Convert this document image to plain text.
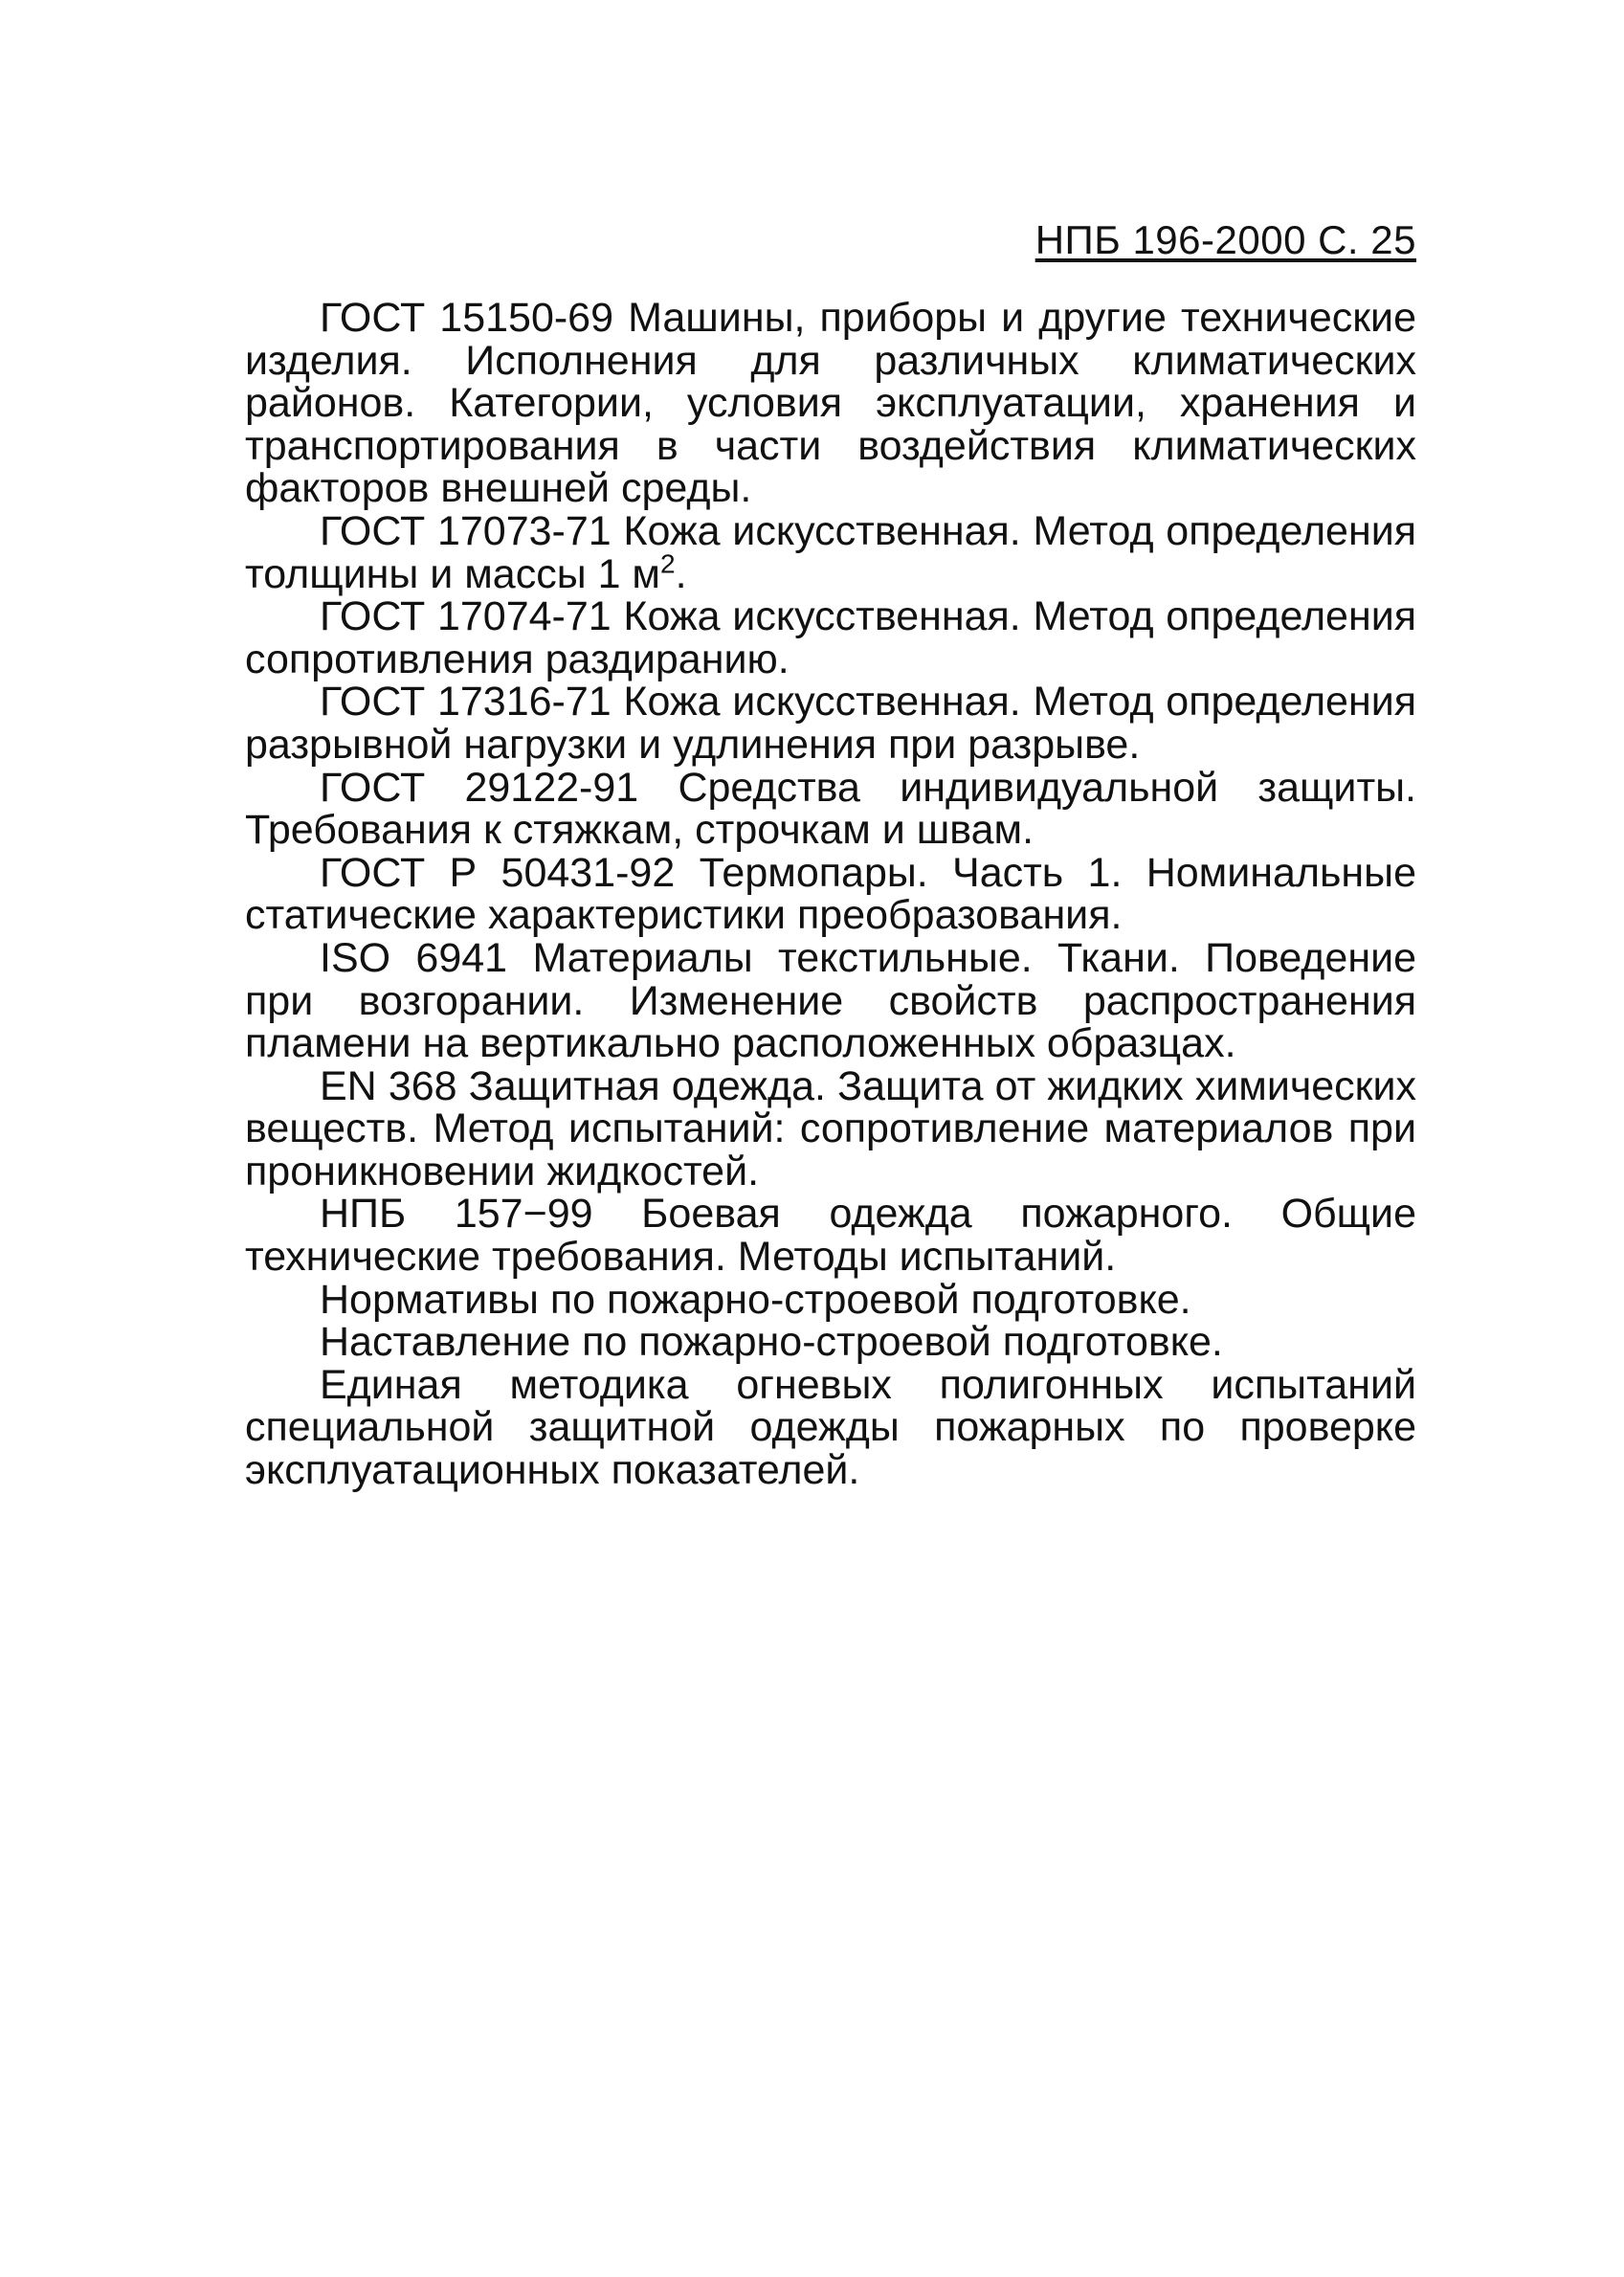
НПБ 196-2000 С. 25

ГОСТ 15150-69 Машины, приборы и другие технические изделия. Исполнения для различных климатических районов. Категории, условия эксплуатации, хранения и транспортирования в части воздействия климатических факторов внешней среды.

ГОСТ 17073-71 Кожа искусственная. Метод определения толщины и массы 1 $м^2$.

ГОСТ 17074-71 Кожа искусственная. Метод определения сопротивления раздиранию.

ГОСТ 17316-71 Кожа искусственная. Метод определения разрывной нагрузки и удлинения при разрыве.

ГОСТ 29122-91 Средства индивидуальной защиты. Требования к стяжкам, строчкам и швам.

ГОСТ Р 50431-92 Термопары. Часть 1. Номинальные статические характеристики преобразования.

ISO 6941 Материалы текстильные. Ткани. Поведение при возгорании. Изменение свойств распространения пламени на вертикально расположенных образцах.

EN 368 Защитная одежда. Защита от жидких химических веществ. Метод испытаний: сопротивление материалов при проникновении жидкостей.

НПБ 157−99 Боевая одежда пожарного. Общие технические требования. Методы испытаний.

Нормативы по пожарно-строевой подготовке.

Наставление по пожарно-строевой подготовке.

Единая методика огневых полигонных испытаний специальной защитной одежды пожарных по проверке эксплуатационных показателей.
